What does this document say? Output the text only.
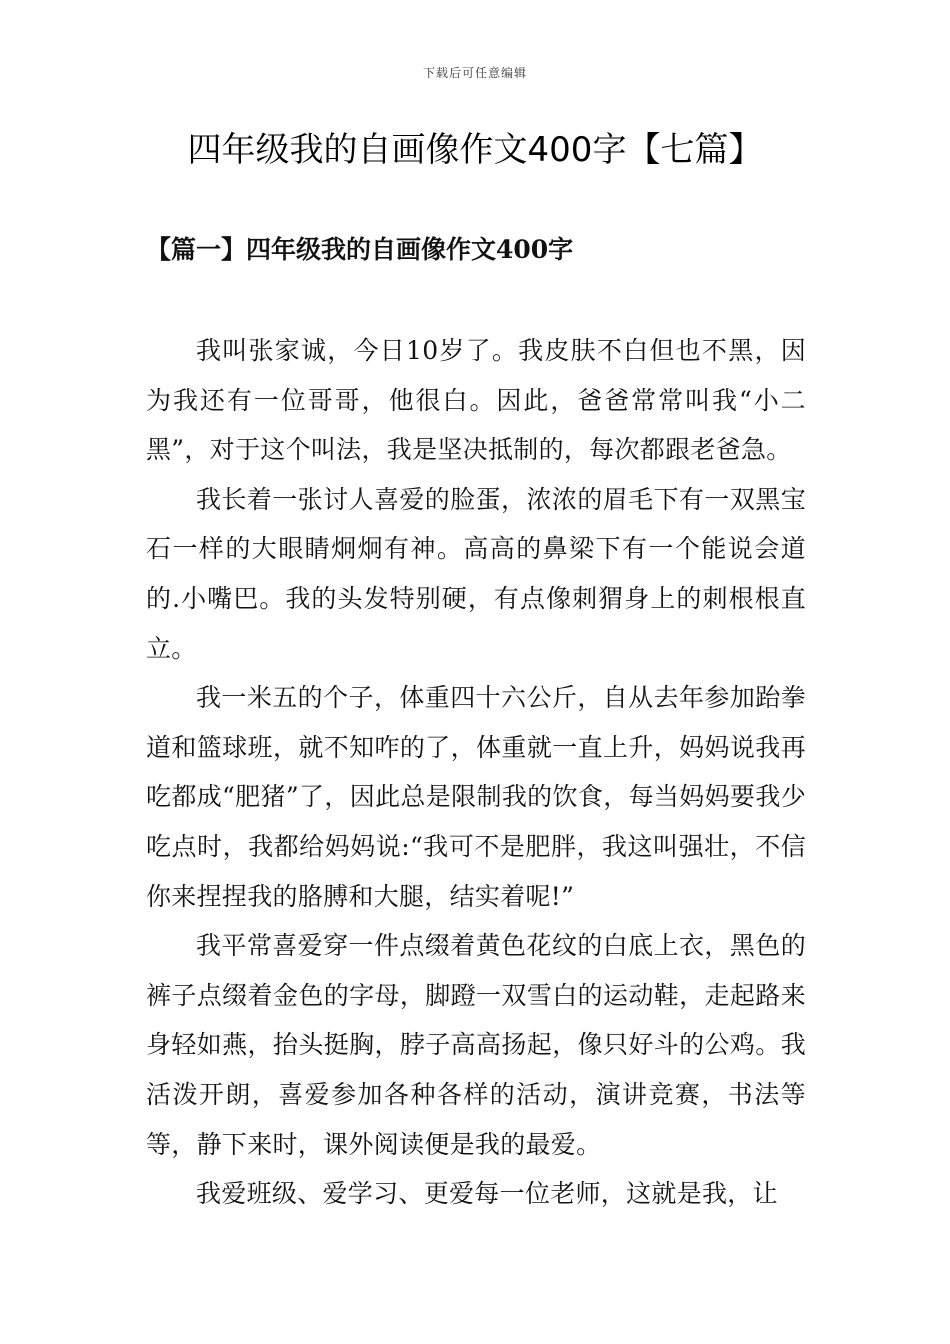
下载后可任意编辑
四年级我的自画像作文400字【七篇】
【篇一】四年级我的自画像作文400字

我叫张家诚，今日10岁了。我皮肤不白但也不黑，因为我还有一位哥哥，他很白。因此，爸爸常常叫我“小二黑”，对于这个叫法，我是坚决抵制的，每次都跟老爸急。

我长着一张讨人喜爱的脸蛋，浓浓的眉毛下有一双黑宝石一样的大眼睛炯炯有神。高高的鼻梁下有一个能说会道的.小嘴巴。我的头发特别硬，有点像刺猬身上的刺根根直立。

我一米五的个子，体重四十六公斤，自从去年参加跆拳道和篮球班，就不知咋的了，体重就一直上升，妈妈说我再吃都成“肥猪”了，因此总是限制我的饮食，每当妈妈要我少吃点时，我都给妈妈说:“我可不是肥胖，我这叫强壮，不信你来捏捏我的胳膊和大腿，结实着呢!”

我平常喜爱穿一件点缀着黄色花纹的白底上衣，黑色的裤子点缀着金色的字母，脚蹬一双雪白的运动鞋，走起路来身轻如燕，抬头挺胸，脖子高高扬起，像只好斗的公鸡。我活泼开朗，喜爱参加各种各样的活动，演讲竞赛，书法等等，静下来时，课外阅读便是我的最爱。

我爱班级、爱学习、更爱每一位老师，这就是我，让
